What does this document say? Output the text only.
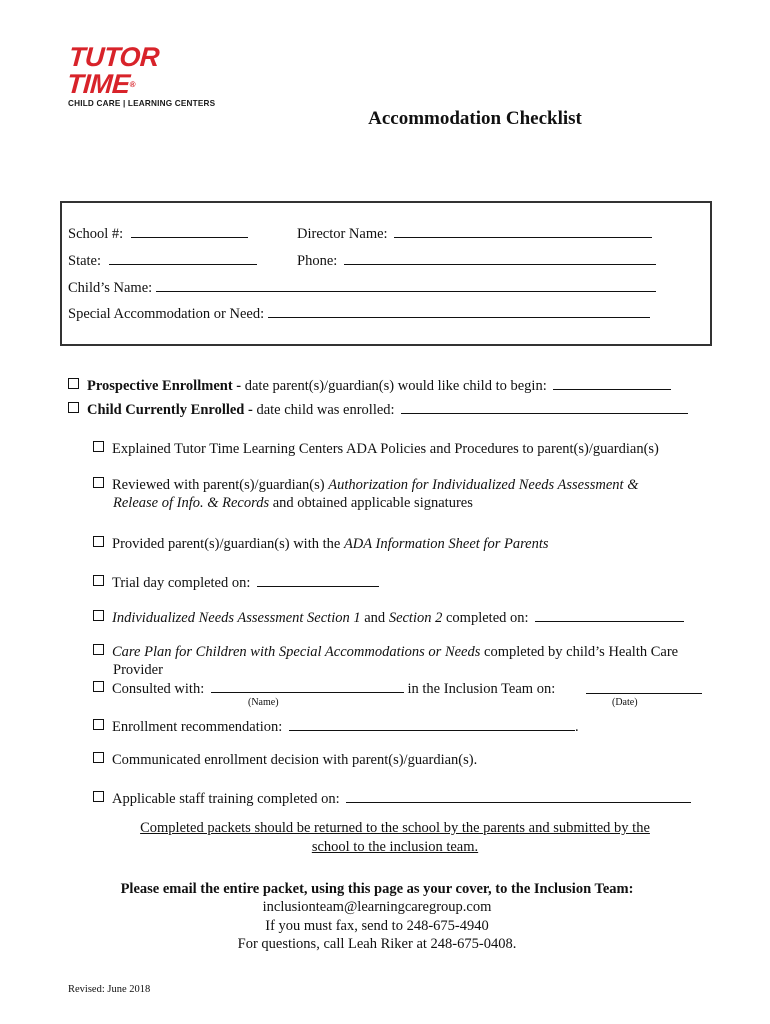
TUTOR TIME®
CHILD CARE | LEARNING CENTERS
Accommodation Checklist
School #:	Director Name:
State:	Phone:
Child’s Name:
Special Accommodation or Need:
Prospective Enrollment - date parent(s)/guardian(s) would like child to begin:
Child Currently Enrolled - date child was enrolled:
Explained Tutor Time Learning Centers ADA Policies and Procedures to parent(s)/guardian(s)
Reviewed with parent(s)/guardian(s) Authorization for Individualized Needs Assessment &
Release of Info. & Records and obtained applicable signatures
Provided parent(s)/guardian(s) with the ADA Information Sheet for Parents
Trial day completed on:
Individualized Needs Assessment Section 1 and Section 2 completed on:
Care Plan for Children with Special Accommodations or Needs completed by child’s Health Care
Provider
Consulted with:	in the Inclusion Team on:
(Name)	(Date)
Enrollment recommendation:	.
Communicated enrollment decision with parent(s)/guardian(s).
Applicable staff training completed on:
Completed packets should be returned to the school by the parents and submitted by the
school to the inclusion team.
Please email the entire packet, using this page as your cover, to the Inclusion Team:
inclusionteam@learningcaregroup.com
If you must fax, send to 248-675-4940
For questions, call Leah Riker at 248-675-0408.
Revised: June 2018
